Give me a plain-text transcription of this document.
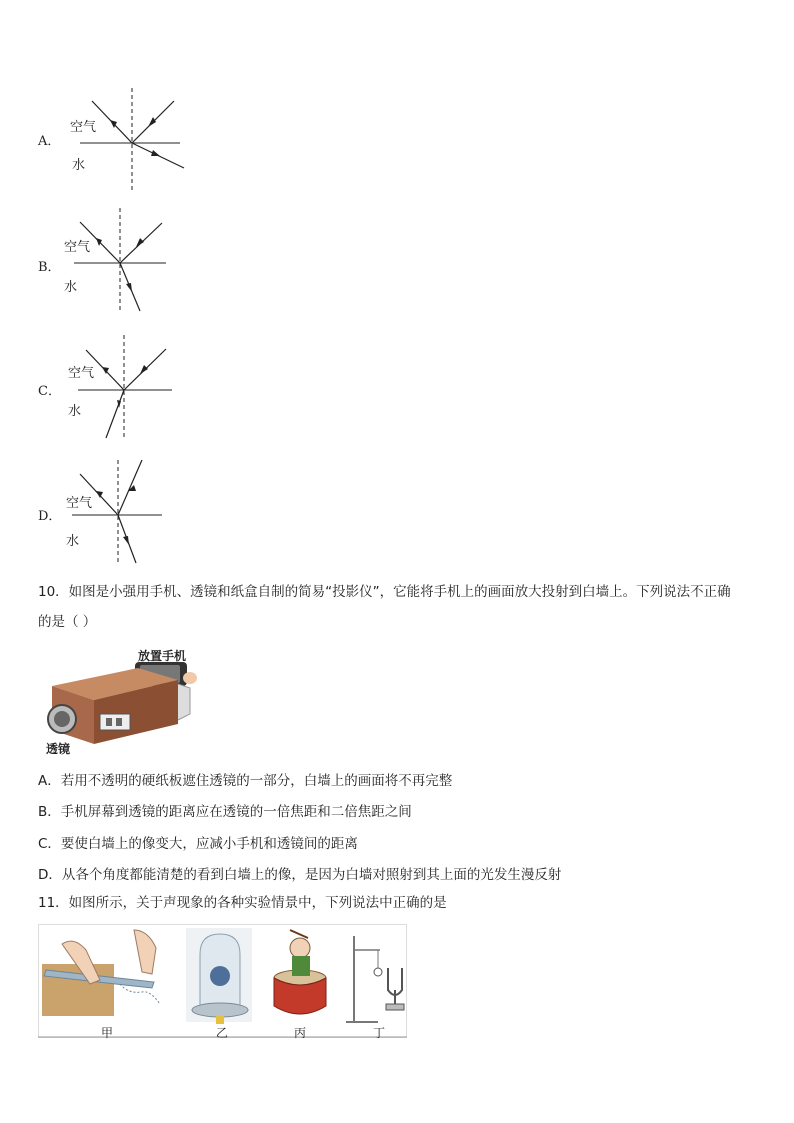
A．
空气
水
B．
空气
水
C．
空气
水
D．
空气
水
10．如图是小强用手机、透镜和纸盒自制的简易“投影仪”，它能将手机上的画面放大投射到白墙上。下列说法不正确
的是（ ）
放置手机
透镜
A．若用不透明的硬纸板遮住透镜的一部分，白墙上的画面将不再完整
B．手机屏幕到透镜的距离应在透镜的一倍焦距和二倍焦距之间
C．要使白墙上的像变大，应减小手机和透镜间的距离
D．从各个角度都能清楚的看到白墙上的像，是因为白墙对照射到其上面的光发生漫反射
11．如图所示，关于声现象的各种实验情景中，下列说法中正确的是
甲	乙	丙	丁
